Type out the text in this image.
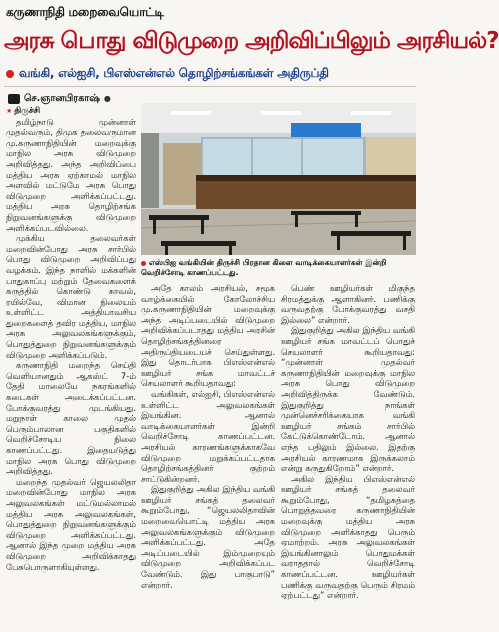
கருணாநிதி மறைவையொட்டி
அரசு பொது விடுமுறை அறிவிப்பிலும் அரசியல்?
வங்கி, எல்ஐசி, பிஎஸ்என்எல் தொழிற்சங்கங்கள் அதிருப்தி
செ.ஞானபிரகாஷ் ●
எஸ்பிஐ வங்கியின் திருச்சி பிரதான கிளை வாடிக்கையாளர்கள் இன்றி வெறிச்சோடி காணப்பட்டது.

★ திருச்சி

தமிழ்நாடு முன்னாள் முதல்வரும், திமுக தலைவருமான மு.கருணாநிதியின் மறைவுக்கு மாநில அரசு விடுமுறை அறிவித்தது. அந்த அறிவிப்பை மத்திய அரசு ஏற்காமல் மாநில அளவில் மட்டுமே அரசு பொது விடுமுறை அளிக்கப்பட்டது. மத்திய அரசு தொழிற்சங்க நிறுவனங்களுக்கு விடுமுறை அளிக்கப்படவில்லை.

முக்கிய தலைவர்கள் மறைவின்போது அரசு சார்பில் பொது விடுமுறை அறிவிப்பது வழக்கம். இந்த நாளில் மக்களின் பாதுகாப்பு மற்றும் தேவைகளைக் கருத்தில் கொண்டு காவல், ரயில்வே, விமான நிலையம் உள்ளிட்ட அத்தியாவசிய துறைகளைத் தவிர மத்திய, மாநில அரசு அலுவலகங்களுக்கும், பொதுத்துறை நிறுவனங்களுக்கும் விடுமுறை அளிக்கப்படும்.

கருணாநிதி மறைந்த செய்தி வெளியானதும் ஆகஸ்ட் 7-ம் தேதி மாலையே நகரங்களில் கடைகள் அடைக்கப்பட்டன. போக்குவரத்து முடங்கியது. மறுநாள் காலை முதல் பெரும்பாலான பகுதிகளில் வெறிச்சோடிய நிலை காணப்பட்டது. இதையடுத்து மாநில அரசு பொது விடுமுறை அறிவித்தது.

மறைந்த முதல்வர் ஜெயலலிதா மறைவின்போது மாநில அரசு அலுவலகங்கள் மட்டுமல்லாமல் மத்திய அரசு அலுவலகங்கள், பொதுத்துறை நிறுவனங்களுக்கும் விடுமுறை அளிக்கப்பட்டது. ஆனால் இந்த முறை மத்திய அரசு விடுமுறை அறிவிக்காதது பேசுபொருளாகியுள்ளது.

அதே காலம் அரசியல், சமூக வாழ்க்கையில் கோலோச்சிய மு.கருணாநிதியின் மறைவுக்கு அந்த அடிப்படையில் விடுமுறை அறிவிக்கப்படாதது மத்திய அரசின் தொழிற்சங்கத்தினரை அதிருப்தியடையச் செய்துள்ளது. இது தொடர்பாக பிஎஸ்என்எல் ஊழியர் சங்க மாவட்டச் செயலாளர் கூறியதாவது:

வங்கிகள், எல்ஐசி, பிஎஸ்என்எல் உள்ளிட்ட அலுவலகங்கள் இயங்கின. ஆனால் வாடிக்கையாளர்கள் இன்றி வெறிச்சோடி காணப்பட்டன. அரசியல் காரணங்களுக்காகவே விடுமுறை மறுக்கப்பட்டதாக தொழிற்சங்கத்தினர் குற்றம் சாட்டுகின்றனர்.

இதுகுறித்து அகில இந்திய வங்கி ஊழியர் சங்கத் தலைவர் கூறும்போது, “ஜெயலலிதாவின் மறைவையொட்டி மத்திய அரசு அலுவலகங்களுக்கும் விடுமுறை அளிக்கப்பட்டது. அதே அடிப்படையில் இம்முறையும் விடுமுறை அறிவிக்கப்பட வேண்டும். இது பாகுபாடு” என்றார்.

பெண் ஊழியர்கள் மிகுந்த சிரமத்துக்கு ஆளாகினர். பணிக்கு வருவதற்கு போக்குவரத்து வசதி இல்லை” என்றார்.

இதுகுறித்து அகில இந்திய வங்கி ஊழியர் சங்க மாவட்டப் பொதுச் செயலாளர் கூறியதாவது: “முன்னாள் முதல்வர் கருணாநிதியின் மறைவுக்கு மாநில அரசு பொது விடுமுறை அறிவித்திருக்க வேண்டும். இதுகுறித்து நாங்கள் முன்னெச்சரிக்கையாக வங்கி ஊழியர் சங்கம் சார்பில் கேட்டுக்கொண்டோம். ஆனால் எந்த பதிலும் இல்லை. இதற்கு அரசியல் காரணமாக இருக்கலாம் என்று கருதுகிறோம்” என்றார்.

அகில இந்திய பிஎஸ்என்எல் ஊழியர் சங்கத் தலைவர் கூறும்போது, “தமிழகத்தை பொறுத்தவரை கருணாநிதியின் மறைவுக்கு மத்திய அரசு விடுமுறை அளிக்காதது பெரும் ஏமாற்றம். அரசு அலுவலகங்கள் இயங்கினாலும் பொதுமக்கள் வராததால் வெறிச்சோடி காணப்பட்டன. ஊழியர்கள் பணிக்கு வருவதற்கு பெரும் சிரமம் ஏற்பட்டது” என்றார்.
